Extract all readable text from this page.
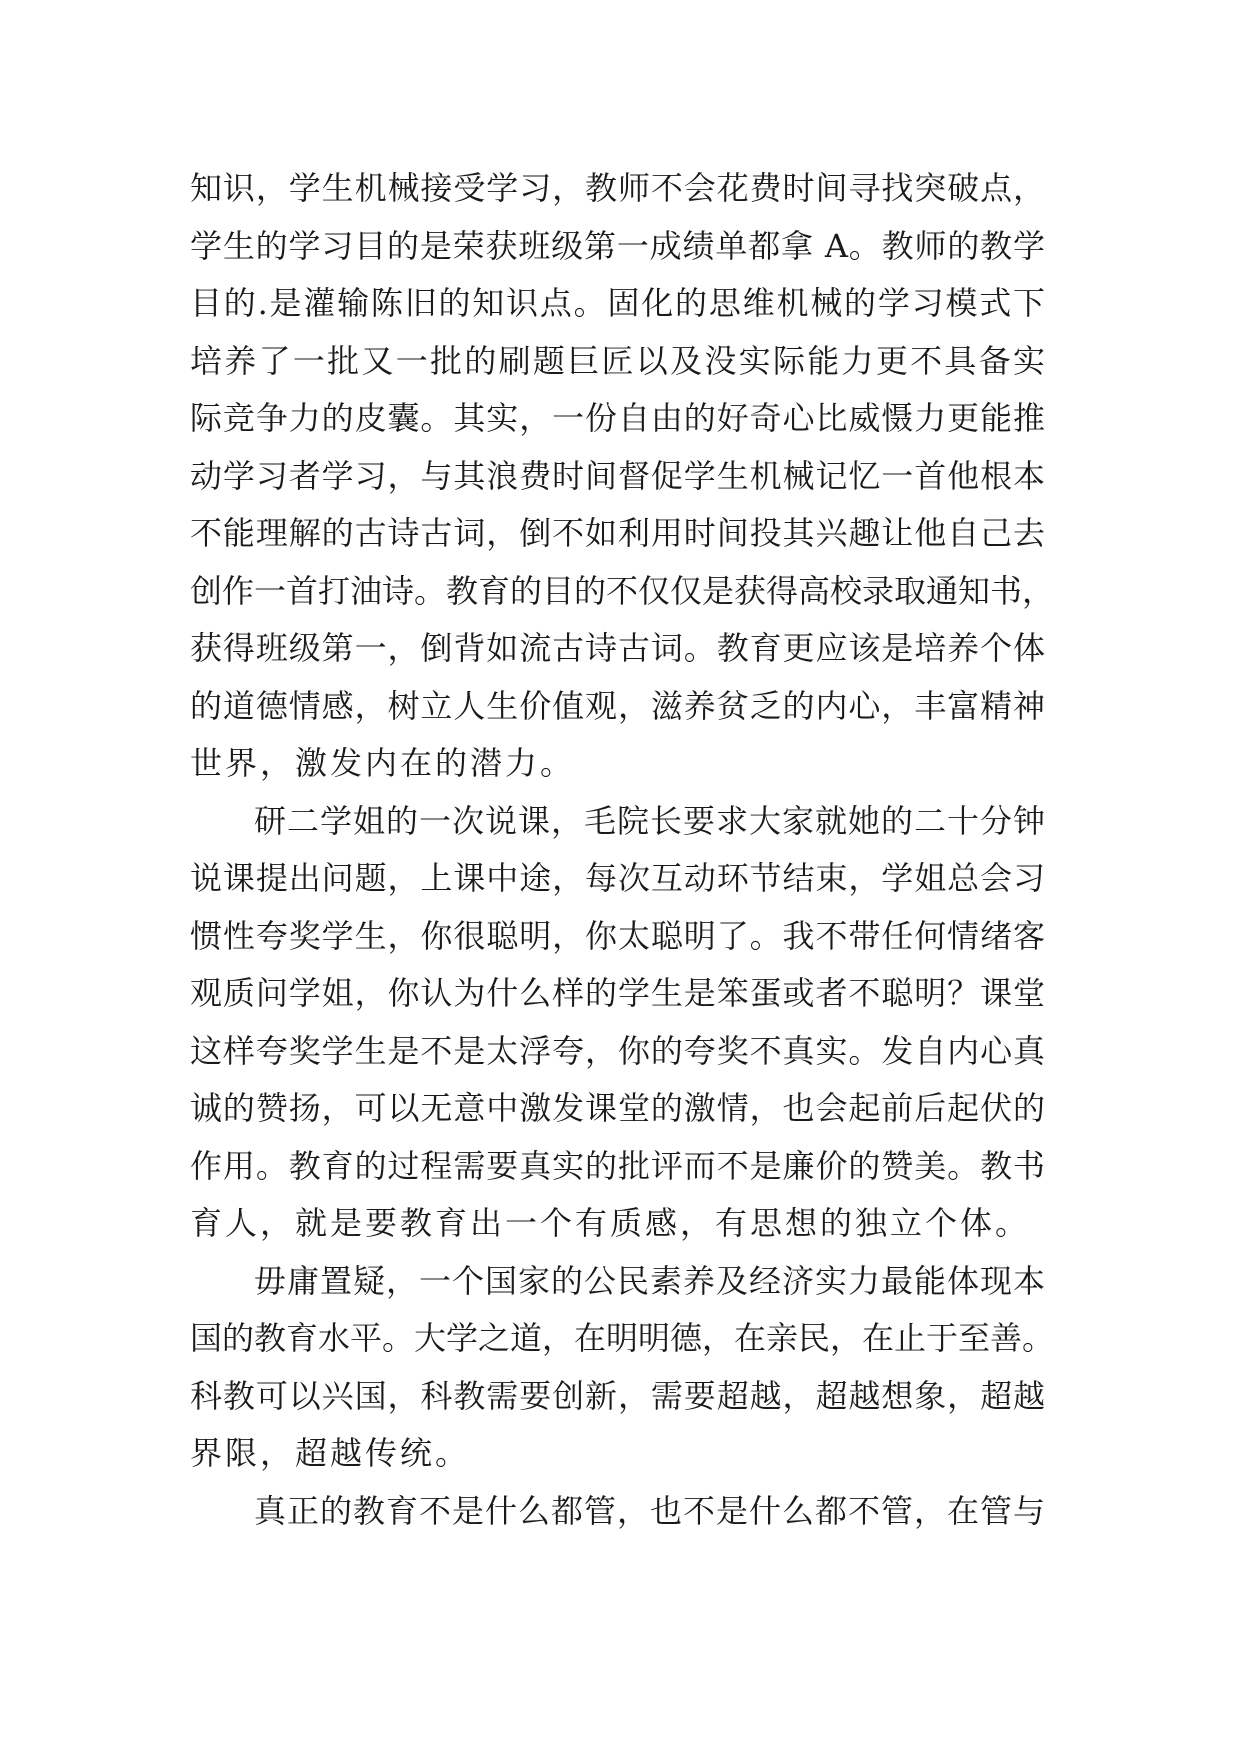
知识，学生机械接受学习，教师不会花费时间寻找突破点，
学生的学习目的是荣获班级第一成绩单都拿 A。教师的教学
目的.是灌输陈旧的知识点。固化的思维机械的学习模式下
培养了一批又一批的刷题巨匠以及没实际能力更不具备实
际竞争力的皮囊。其实，一份自由的好奇心比威慑力更能推
动学习者学习，与其浪费时间督促学生机械记忆一首他根本
不能理解的古诗古词，倒不如利用时间投其兴趣让他自己去
创作一首打油诗。教育的目的不仅仅是获得高校录取通知书，
获得班级第一，倒背如流古诗古词。教育更应该是培养个体
的道德情感，树立人生价值观，滋养贫乏的内心，丰富精神
世界，激发内在的潜力。
研二学姐的一次说课，毛院长要求大家就她的二十分钟
说课提出问题，上课中途，每次互动环节结束，学姐总会习
惯性夸奖学生，你很聪明，你太聪明了。我不带任何情绪客
观质问学姐，你认为什么样的学生是笨蛋或者不聪明？课堂
这样夸奖学生是不是太浮夸，你的夸奖不真实。发自内心真
诚的赞扬，可以无意中激发课堂的激情，也会起前后起伏的
作用。教育的过程需要真实的批评而不是廉价的赞美。教书
育人，就是要教育出一个有质感，有思想的独立个体。
毋庸置疑，一个国家的公民素养及经济实力最能体现本
国的教育水平。大学之道，在明明德，在亲民，在止于至善。
科教可以兴国，科教需要创新，需要超越，超越想象，超越
界限，超越传统。
真正的教育不是什么都管，也不是什么都不管，在管与
